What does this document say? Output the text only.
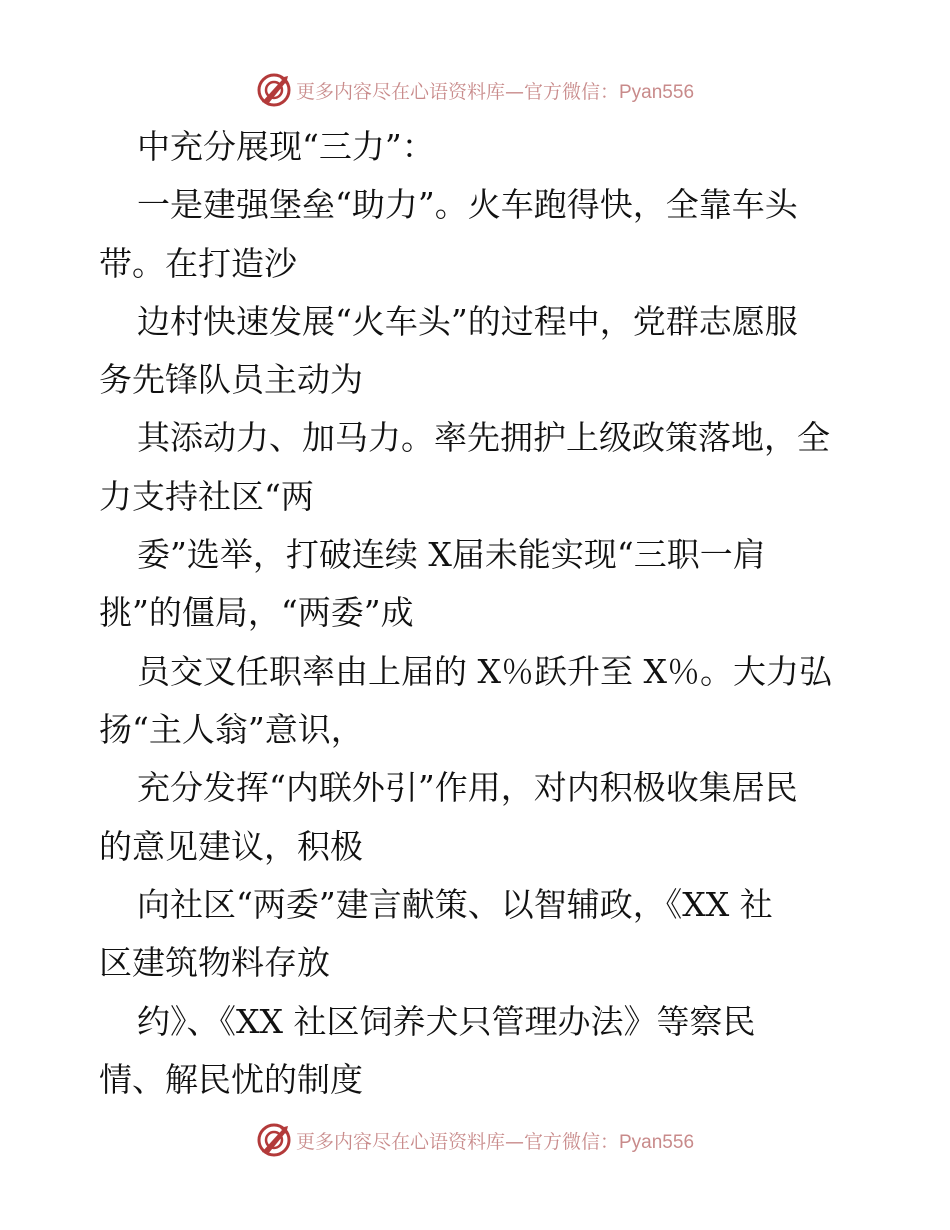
更多内容尽在心语资料库—官方微信：Pyan556
中充分展现“三力”：
一是建强堡垒“助力”。火车跑得快，全靠车头
带。在打造沙
边村快速发展“火车头”的过程中，党群志愿服
务先锋队员主动为
其添动力、加马力。率先拥护上级政策落地，全
力支持社区“两
委”选举，打破连续 X届未能实现“三职一肩
挑”的僵局，“两委”成
员交叉任职率由上届的 X％跃升至 X％。大力弘
扬“主人翁”意识，
充分发挥“内联外引”作用，对内积极收集居民
的意见建议，积极
向社区“两委”建言献策、以智辅政，《XX 社
区建筑物料存放
约》、《XX 社区饲养犬只管理办法》等察民
情、解民忧的制度
更多内容尽在心语资料库—官方微信：Pyan556
